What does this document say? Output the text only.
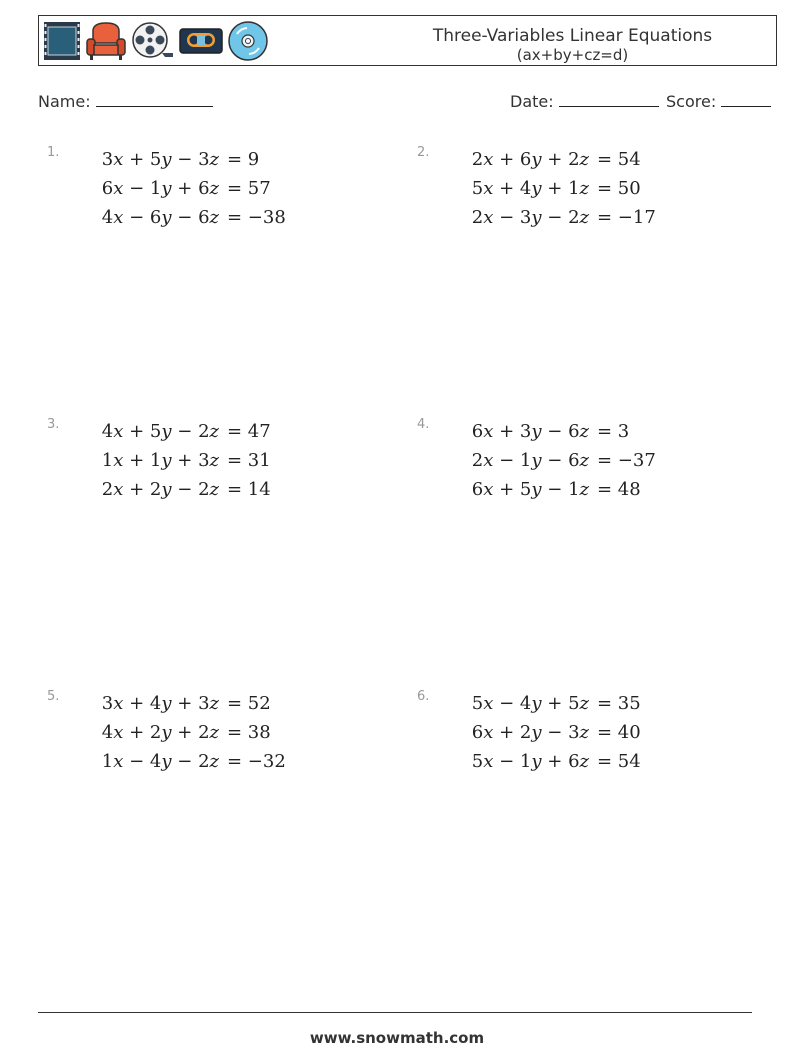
Three-Variables Linear Equations
(ax+by+cz=d)
Name:	Date:	Score:
1.	2.
3.	4.
5.	6.
3x + 5y − 3z = 9
6x − 1y + 6z = 57
4x − 6y − 6z = −38
2x + 6y + 2z = 54
5x + 4y + 1z = 50
2x − 3y − 2z = −17
4x + 5y − 2z = 47
1x + 1y + 3z = 31
2x + 2y − 2z = 14
6x + 3y − 6z = 3
2x − 1y − 6z = −37
6x + 5y − 1z = 48
3x + 4y + 3z = 52
4x + 2y + 2z = 38
1x − 4y − 2z = −32
5x − 4y + 5z = 35
6x + 2y − 3z = 40
5x − 1y + 6z = 54
www.snowmath.com
